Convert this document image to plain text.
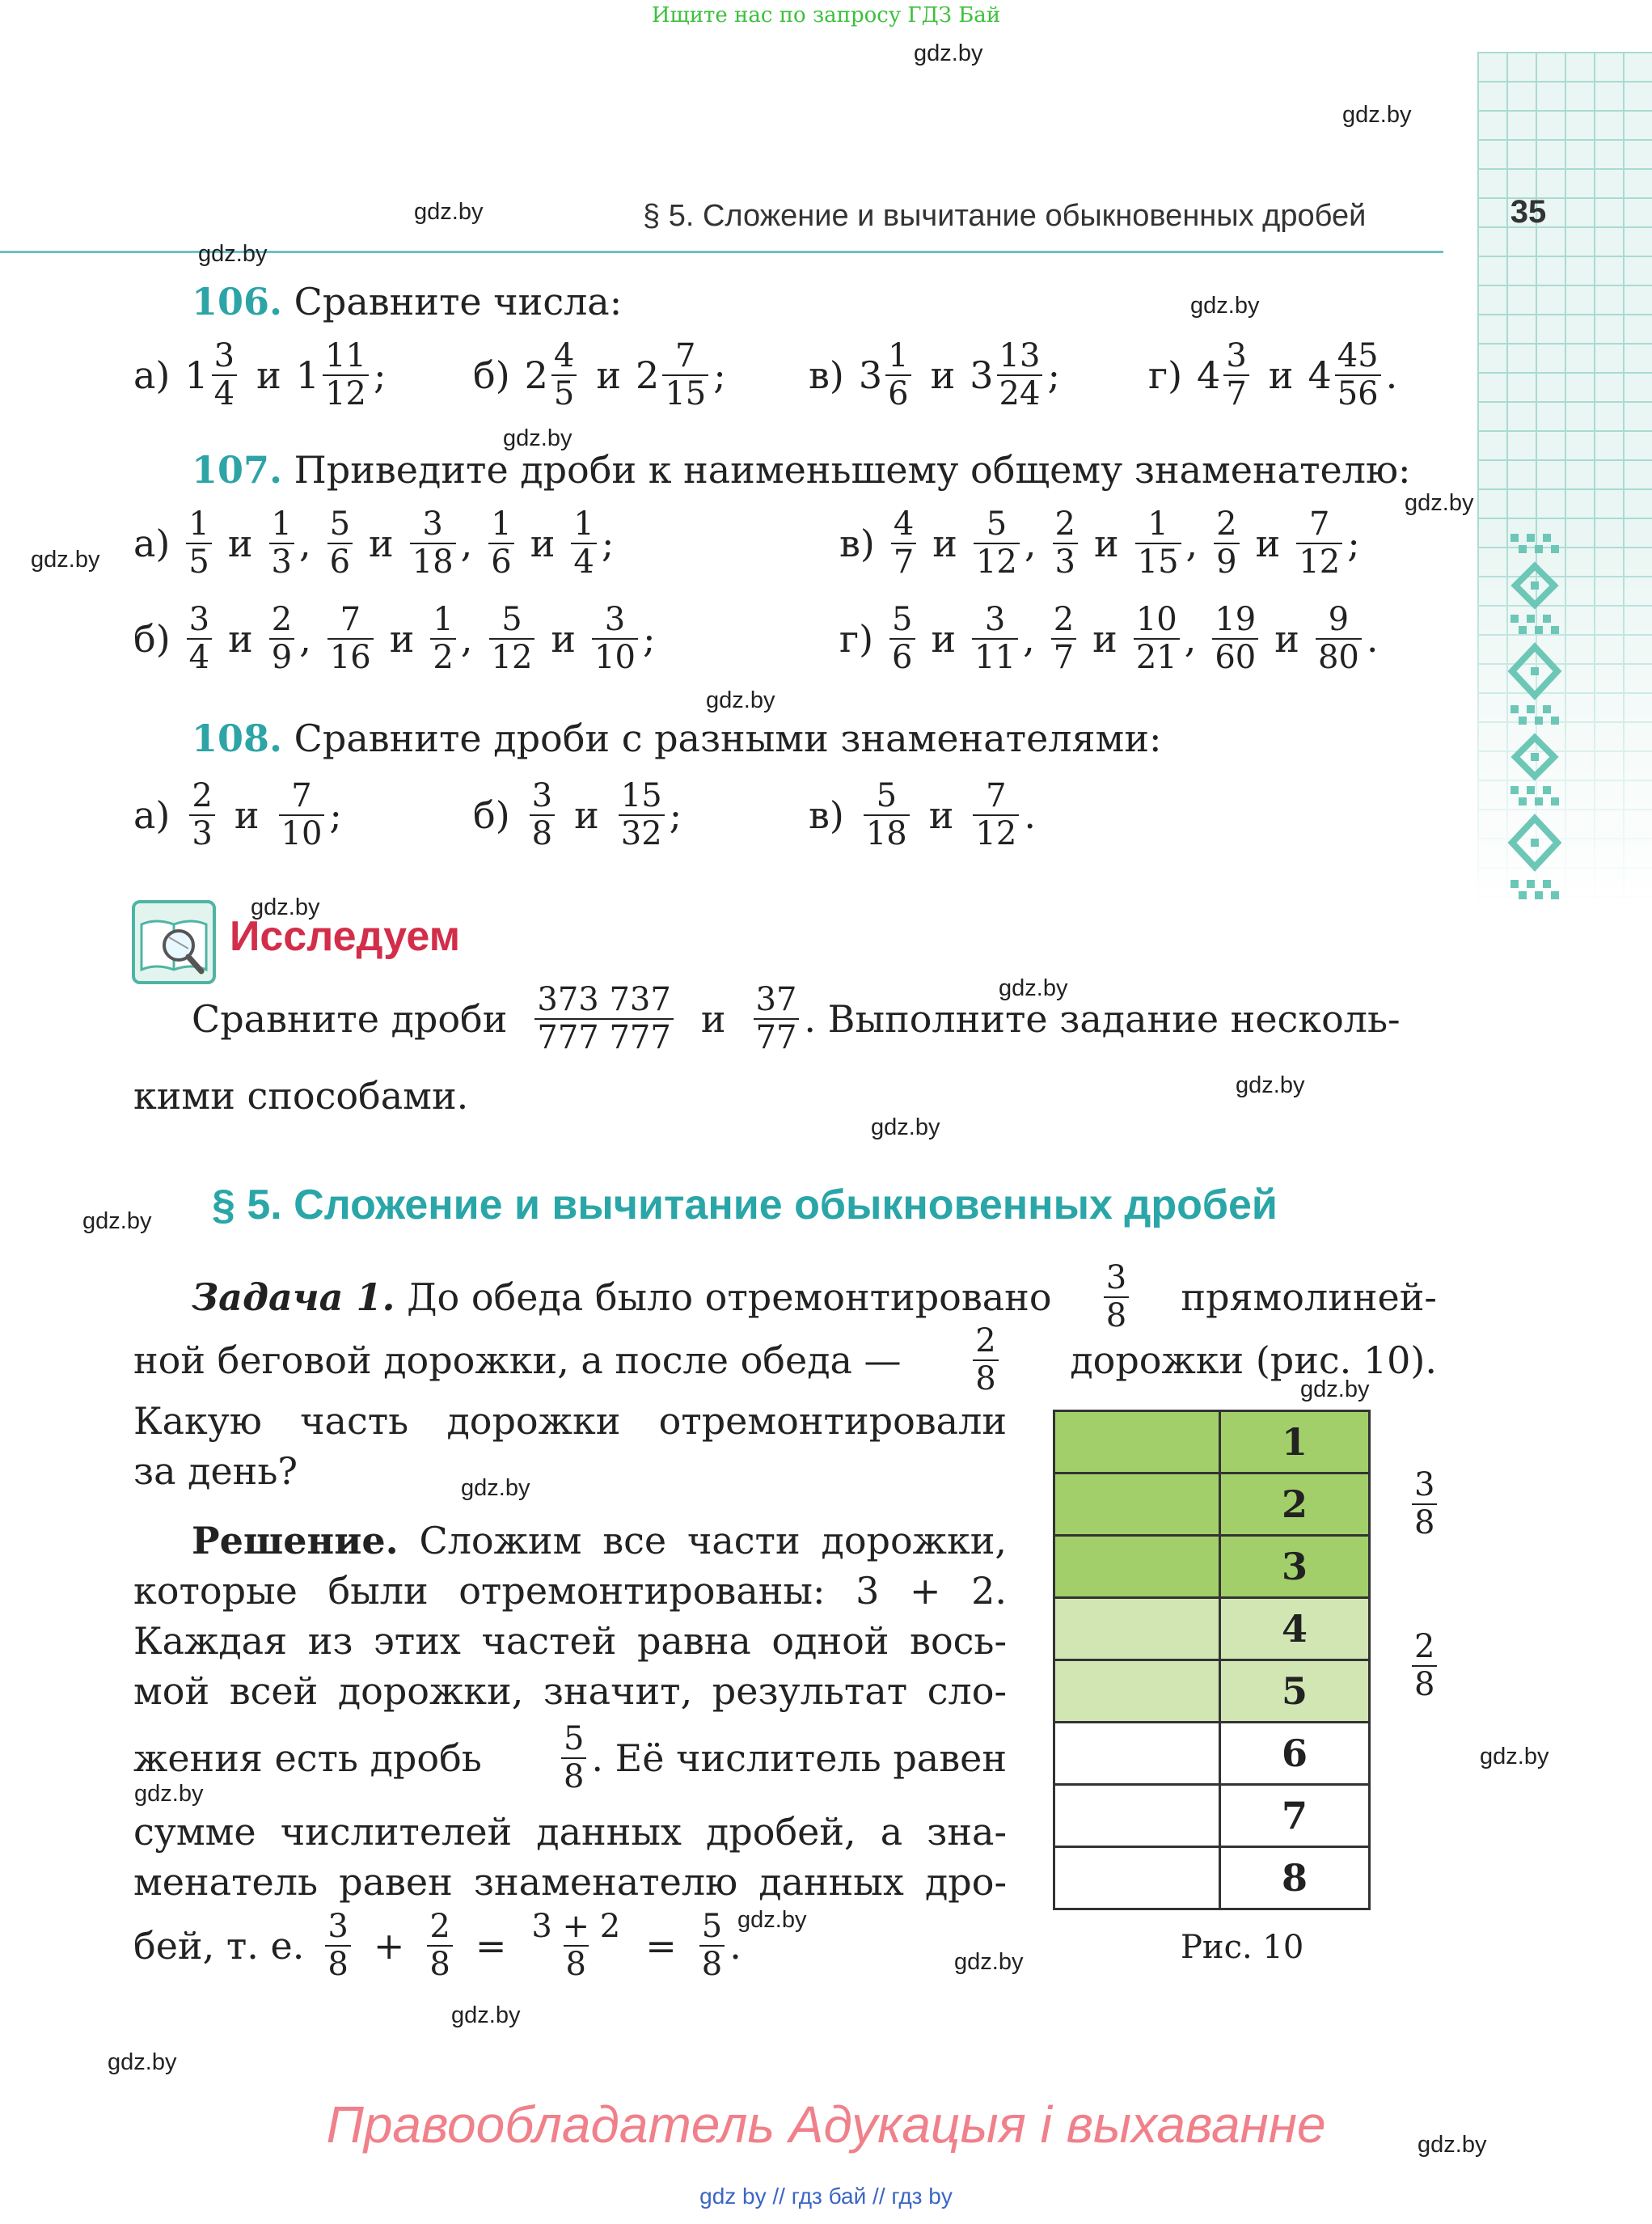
Ищите нас по запросу ГДЗ Бай
35
§ 5. Сложение и вычитание обыкновенных дробей
gdz.by
gdz.by
gdz.by
gdz.by
gdz.by
gdz.by
gdz.by
gdz.by
gdz.by
gdz.by
gdz.by
gdz.by
gdz.by
gdz.by
gdz.by
gdz.by
gdz.by
gdz.by
gdz.by
gdz.by
gdz.by
gdz.by
gdz.by
106. Сравните числа:
а) $1 \frac{3}{4}$ и $1 \frac{11}{12}$ ; б) $2 \frac{4}{5}$ и $2 \frac{7}{15}$ ; в) $3 \frac{1}{6}$ и $3 \frac{13}{24}$ ; г) $4 \frac{3}{7}$ и $4 \frac{45}{56}$ .
107. Приведите дроби к наименьшему общему знаменателю:
$а) \frac{1}{5}$ и $\frac{1}{3}$ , $\frac{5}{6}$ и $\frac{3}{18}$ , $\frac{1}{6}$ и $\frac{1}{4}$ ;	$в) \frac{4}{7}$ и $\frac{5}{12}$ , $\frac{2}{3}$ и $\frac{1}{15}$ , $\frac{2}{9}$ и $\frac{7}{12}$ ;
$б) \frac{3}{4}$ и $\frac{2}{9}$ , $\frac{7}{16}$ и $\frac{1}{2}$ , $\frac{5}{12}$ и $\frac{3}{10}$ ;	$г) \frac{5}{6}$ и $\frac{3}{11}$ , $\frac{2}{7}$ и $\frac{10}{21}$ , $\frac{19}{60}$ и $\frac{9}{80}$ .
108. Сравните дроби с разными знаменателями:
$а) \frac{2}{3}$ и $\frac{7}{10}$ ;	$б) \frac{3}{8}$ и $\frac{15}{32}$ ;	$в) \frac{5}{18}$ и $\frac{7}{12}$ .
Исследуем
Сравните дроби $\frac{373 737}{777 777}$ и $\frac{37}{77}$ . Выполните задание несколь-
кими способами.
§ 5. Сложение и вычитание обыкновенных дробей
Задача 1. До обеда было отремонтировано $\frac{3}{8}$ прямолиней-
ной беговой дорожки, а после обеда — $\frac{2}{8}$ дорожки (рис. 10).
Какую часть дорожки отремонтировали
за день?
Решение. Сложим все части дорожки,
которые были отремонтированы: 3 + 2.
Каждая из этих частей равна одной вось-
мой всей дорожки, значит, результат сло-
жения есть дробь $\frac{5}{8}$ . Её числитель равен
сумме числителей данных дробей, а зна-
менатель равен знаменателю данных дро-
бей, т. е. $\frac{3}{8} + \frac{2}{8} = \frac{3 + 2}{8} = \frac{5}{8}$ .
	1
	2
	3
	4
	5
	6
	7
	8
$\frac{3}{8}$
$\frac{2}{8}$
Рис. 10
Правообладатель Адукацыя і выхаванне
gdz by // гдз бай // гдз by
